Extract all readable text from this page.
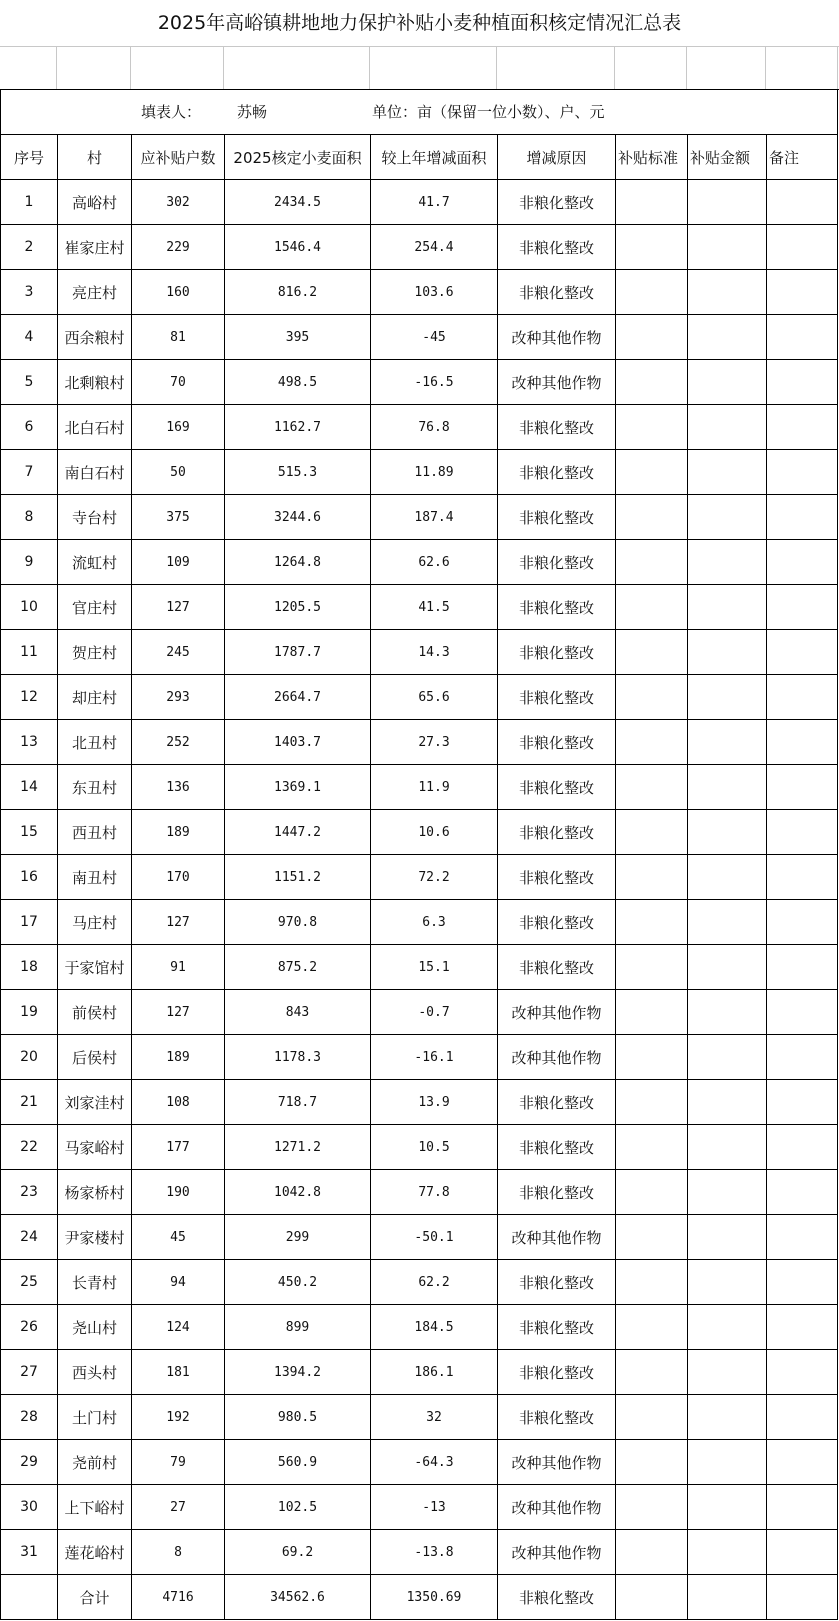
2025年高峪镇耕地地力保护补贴小麦种植面积核定情况汇总表
填表人： 苏畅	单位：亩（保留一位小数）、户、元
序号	村	应补贴户数	2025核定小麦面积	较上年增减面积	增减原因	补贴标准	补贴金额	备注
1	高峪村	302	2434.5	41.7	非粮化整改			
2	崔家庄村	229	1546.4	254.4	非粮化整改			
3	亮庄村	160	816.2	103.6	非粮化整改			
4	西余粮村	81	395	-45	改种其他作物			
5	北剩粮村	70	498.5	-16.5	改种其他作物			
6	北白石村	169	1162.7	76.8	非粮化整改			
7	南白石村	50	515.3	11.89	非粮化整改			
8	寺台村	375	3244.6	187.4	非粮化整改			
9	流虹村	109	1264.8	62.6	非粮化整改			
10	官庄村	127	1205.5	41.5	非粮化整改			
11	贺庄村	245	1787.7	14.3	非粮化整改			
12	却庄村	293	2664.7	65.6	非粮化整改			
13	北丑村	252	1403.7	27.3	非粮化整改			
14	东丑村	136	1369.1	11.9	非粮化整改			
15	西丑村	189	1447.2	10.6	非粮化整改			
16	南丑村	170	1151.2	72.2	非粮化整改			
17	马庄村	127	970.8	6.3	非粮化整改			
18	于家馆村	91	875.2	15.1	非粮化整改			
19	前侯村	127	843	-0.7	改种其他作物			
20	后侯村	189	1178.3	-16.1	改种其他作物			
21	刘家洼村	108	718.7	13.9	非粮化整改			
22	马家峪村	177	1271.2	10.5	非粮化整改			
23	杨家桥村	190	1042.8	77.8	非粮化整改			
24	尹家楼村	45	299	-50.1	改种其他作物			
25	长青村	94	450.2	62.2	非粮化整改			
26	尧山村	124	899	184.5	非粮化整改			
27	西头村	181	1394.2	186.1	非粮化整改			
28	土门村	192	980.5	32	非粮化整改			
29	尧前村	79	560.9	-64.3	改种其他作物			
30	上下峪村	27	102.5	-13	改种其他作物			
31	莲花峪村	8	69.2	-13.8	改种其他作物			
	合计	4716	34562.6	1350.69	非粮化整改			
